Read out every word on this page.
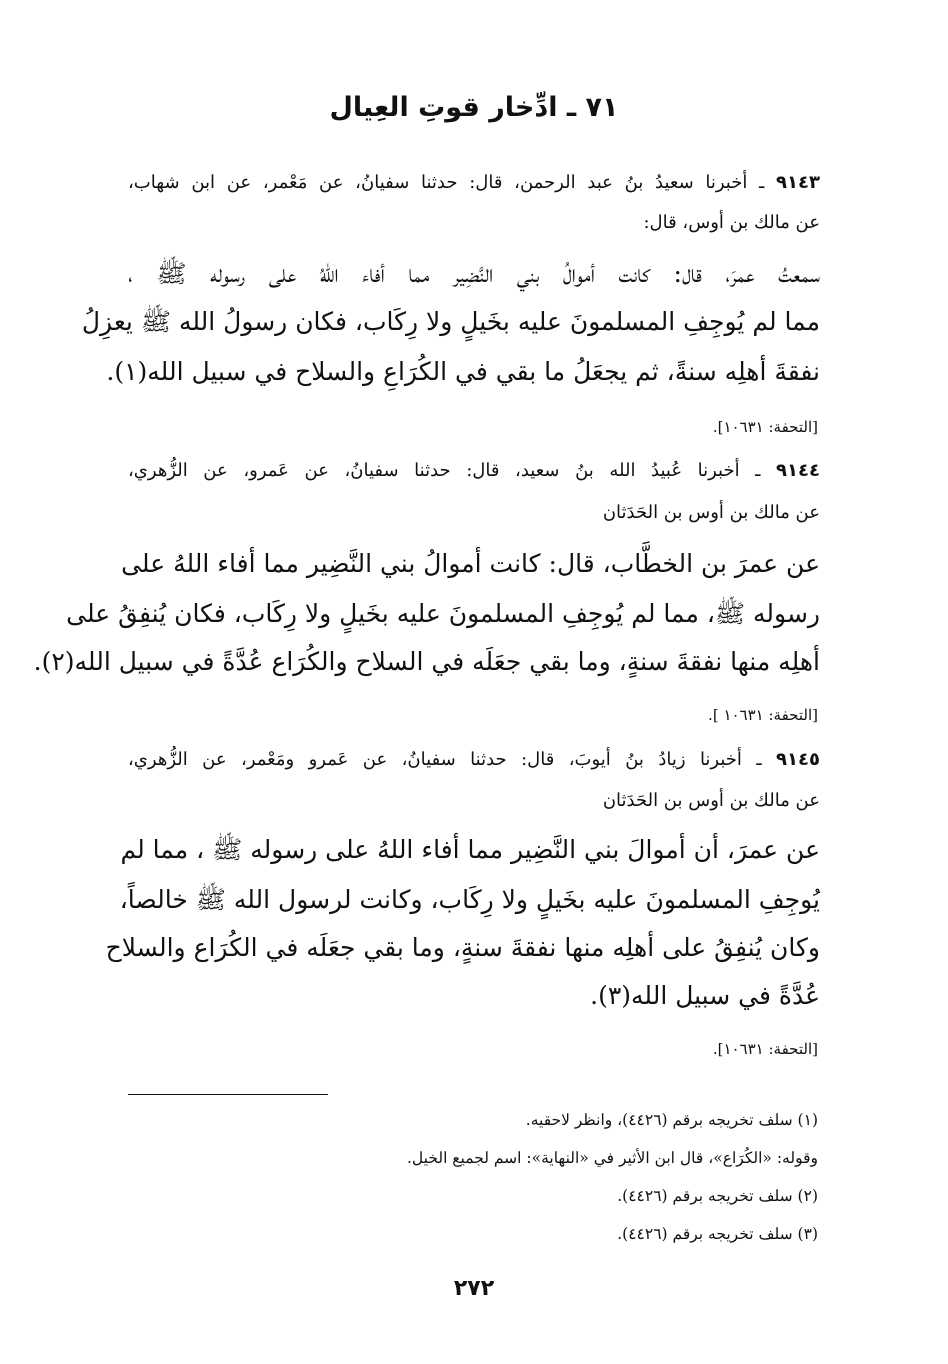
٧١ ـ ادِّخار قوتِ العِيال
٩١٤٣ ـ أخبرنا سعيدُ بنُ عبد الرحمن، قال: حدثنا سفيانُ، عن مَعْمر، عن ابن شهاب،
عن مالك بن أوس، قال:
سمعتُ عمرَ، قال: كانت أموالُ بني النَّضِير مما أفاء اللهُ على رسوله ﷺ ،
مما لم يُوجِفِ المسلمونَ عليه بخَيلٍ ولا رِكَاب، فكان رسولُ الله ﷺ يعزِلُ
نفقةَ أهلِه سنةً، ثم يجعَلُ ما بقي في الكُرَاعِ والسلاح في سبيل الله(١).
[التحفة: ١٠٦٣١].
٩١٤٤ ـ أخبرنا عُبيدُ الله بنُ سعيد، قال: حدثنا سفيانُ، عن عَمرو، عن الزُّهري،
عن مالك بن أوس بن الحَدَثان
عن عمرَ بن الخطَّاب، قال: كانت أموالُ بني النَّضِير مما أفاء اللهُ على
رسوله ﷺ، مما لم يُوجِفِ المسلمونَ عليه بخَيلٍ ولا رِكَاب، فكان يُنفِقُ على
أهلِه منها نفقةَ سنةٍ، وما بقي جعَلَه في السلاح والكُرَاع عُدَّةً في سبيل الله(٢).
[التحفة: ١٠٦٣١ ].
٩١٤٥ ـ أخبرنا زيادُ بنُ أيوبَ، قال: حدثنا سفيانُ، عن عَمرو ومَعْمر، عن الزُّهري،
عن مالك بن أوس بن الحَدَثان
عن عمرَ، أن أموالَ بني النَّضِير مما أفاء اللهُ على رسوله ﷺ ، مما لم
يُوجِفِ المسلمونَ عليه بخَيلٍ ولا رِكَاب، وكانت لرسول الله ﷺ خالصاً،
وكان يُنفِقُ على أهلِه منها نفقةَ سنةٍ، وما بقي جعَلَه في الكُرَاع والسلاح
عُدَّةً في سبيل الله(٣).
[التحفة: ١٠٦٣١].
(١) سلف تخريجه برقم (٤٤٢٦)، وانظر لاحقيه.
وقوله: «الكُرَاع»، قال ابن الأثير في «النهاية»: اسم لجميع الخيل.
(٢) سلف تخريجه برقم (٤٤٢٦).
(٣) سلف تخريجه برقم (٤٤٢٦).
٢٧٢
